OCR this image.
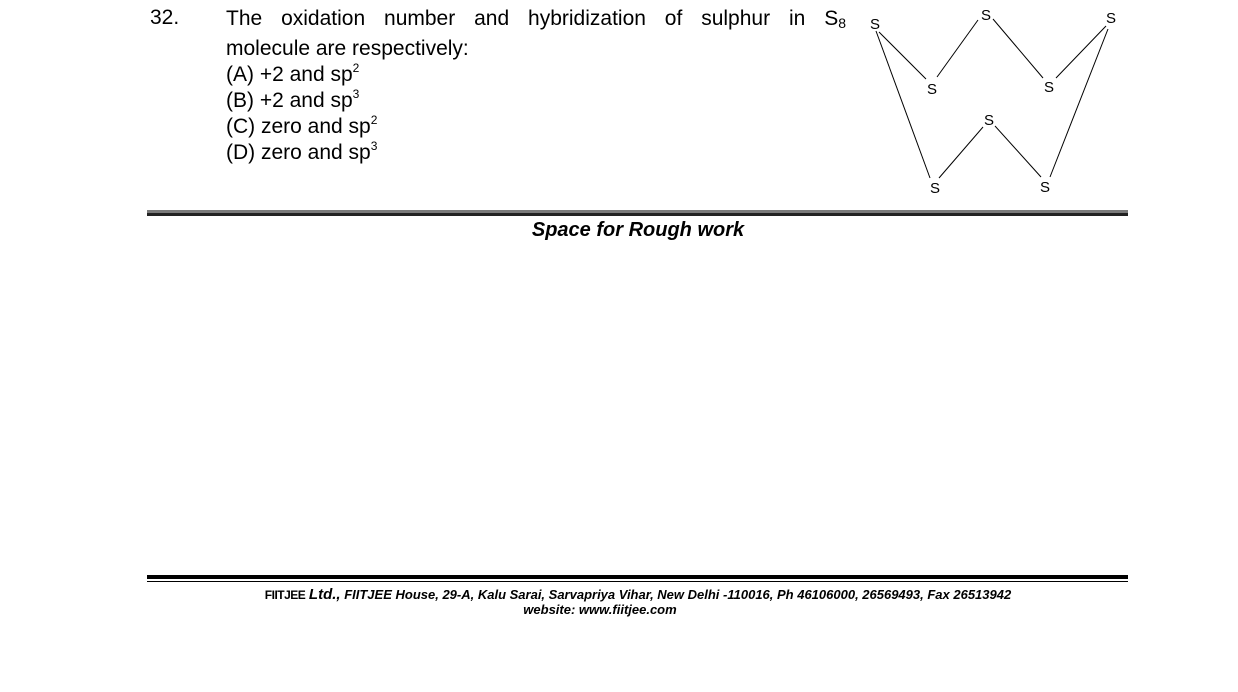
32. The oxidation number and hybridization of sulphur in S8
molecule are respectively:
(A) +2 and $sp^2$
(B) +2 and $sp^3$
(C) zero and $sp^2$
(D) zero and $sp^3$
S
S	S
S	S
S
S	S
Space for Rough work
FIITJEE Ltd., FIITJEE House, 29-A, Kalu Sarai, Sarvapriya Vihar, New Delhi -110016, Ph 46106000, 26569493, Fax 26513942
website: www.fiitjee.com
